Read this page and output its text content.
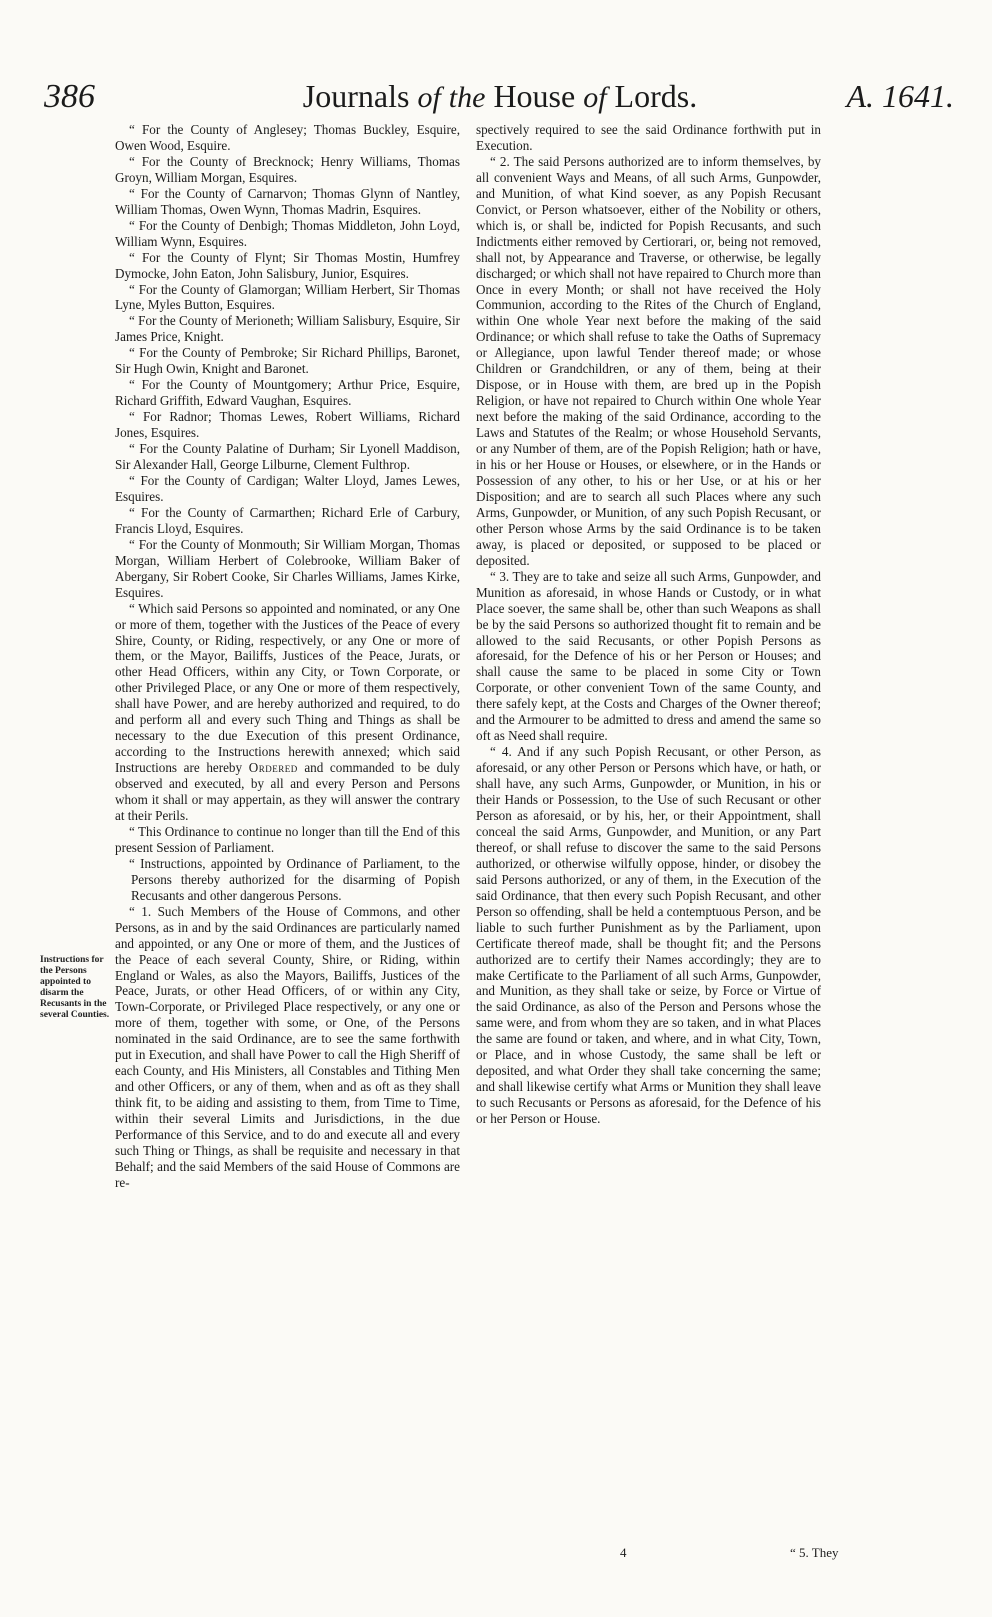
386	Journals of the House of Lords.	A. 1641.
Instructions for the Persons appointed to disarm the Recusants in the several Counties.

“ For the County of Anglesey; Thomas Buckley, Esquire, Owen Wood, Esquire.

“ For the County of Brecknock; Henry Williams, Thomas Groyn, William Morgan, Esquires.

“ For the County of Carnarvon; Thomas Glynn of Nantley, William Thomas, Owen Wynn, Thomas Madrin, Esquires.

“ For the County of Denbigh; Thomas Middleton, John Loyd, William Wynn, Esquires.

“ For the County of Flynt; Sir Thomas Mostin, Humfrey Dymocke, John Eaton, John Salisbury, Junior, Esquires.

“ For the County of Glamorgan; William Herbert, Sir Thomas Lyne, Myles Button, Esquires.

“ For the County of Merioneth; William Salisbury, Esquire, Sir James Price, Knight.

“ For the County of Pembroke; Sir Richard Phillips, Baronet, Sir Hugh Owin, Knight and Baronet.

“ For the County of Mountgomery; Arthur Price, Esquire, Richard Griffith, Edward Vaughan, Esquires.

“ For Radnor; Thomas Lewes, Robert Williams, Richard Jones, Esquires.

“ For the County Palatine of Durham; Sir Lyonell Maddison, Sir Alexander Hall, George Lilburne, Clement Fulthrop.

“ For the County of Cardigan; Walter Lloyd, James Lewes, Esquires.

“ For the County of Carmarthen; Richard Erle of Carbury, Francis Lloyd, Esquires.

“ For the County of Monmouth; Sir William Morgan, Thomas Morgan, William Herbert of Colebrooke, William Baker of Abergany, Sir Robert Cooke, Sir Charles Williams, James Kirke, Esquires.

“ Which said Persons so appointed and nominated, or any One or more of them, together with the Justices of the Peace of every Shire, County, or Riding, respectively, or any One or more of them, or the Mayor, Bailiffs, Justices of the Peace, Jurats, or other Head Officers, within any City, or Town Corporate, or other Privileged Place, or any One or more of them respectively, shall have Power, and are hereby authorized and required, to do and perform all and every such Thing and Things as shall be necessary to the due Execution of this present Ordinance, according to the Instructions herewith annexed; which said Instructions are hereby Ordered and commanded to be duly observed and executed, by all and every Person and Persons whom it shall or may appertain, as they will answer the contrary at their Perils.

“ This Ordinance to continue no longer than till the End of this present Session of Parliament.

“ Instructions, appointed by Ordinance of Parliament, to the Persons thereby authorized for the disarming of Popish Recusants and other dangerous Persons.

“ 1. Such Members of the House of Commons, and other Persons, as in and by the said Ordinances are particularly named and appointed, or any One or more of them, and the Justices of the Peace of each several County, Shire, or Riding, within England or Wales, as also the Mayors, Bailiffs, Justices of the Peace, Jurats, or other Head Officers, of or within any City, Town-Corporate, or Privileged Place respectively, or any one or more of them, together with some, or One, of the Persons nominated in the said Ordinance, are to see the same forthwith put in Execution, and shall have Power to call the High Sheriff of each County, and His Ministers, all Constables and Tithing Men and other Officers, or any of them, when and as oft as they shall think fit, to be aiding and assisting to them, from Time to Time, within their several Limits and Jurisdictions, in the due Performance of this Service, and to do and execute all and every such Thing or Things, as shall be requisite and necessary in that Behalf; and the said Members of the said House of Commons are re-

spectively required to see the said Ordinance forthwith put in Execution.

“ 2. The said Persons authorized are to inform themselves, by all convenient Ways and Means, of all such Arms, Gunpowder, and Munition, of what Kind soever, as any Popish Recusant Convict, or Person whatsoever, either of the Nobility or others, which is, or shall be, indicted for Popish Recusants, and such Indictments either removed by Certiorari, or, being not removed, shall not, by Appearance and Traverse, or otherwise, be legally discharged; or which shall not have repaired to Church more than Once in every Month; or shall not have received the Holy Communion, according to the Rites of the Church of England, within One whole Year next before the making of the said Ordinance; or which shall refuse to take the Oaths of Supremacy or Allegiance, upon lawful Tender thereof made; or whose Children or Grandchildren, or any of them, being at their Dispose, or in House with them, are bred up in the Popish Religion, or have not repaired to Church within One whole Year next before the making of the said Ordinance, according to the Laws and Statutes of the Realm; or whose Household Servants, or any Number of them, are of the Popish Religion; hath or have, in his or her House or Houses, or elsewhere, or in the Hands or Possession of any other, to his or her Use, or at his or her Disposition; and are to search all such Places where any such Arms, Gunpowder, or Munition, of any such Popish Recusant, or other Person whose Arms by the said Ordinance is to be taken away, is placed or deposited, or supposed to be placed or deposited.

“ 3. They are to take and seize all such Arms, Gunpowder, and Munition as aforesaid, in whose Hands or Custody, or in what Place soever, the same shall be, other than such Weapons as shall be by the said Persons so authorized thought fit to remain and be allowed to the said Recusants, or other Popish Persons as aforesaid, for the Defence of his or her Person or Houses; and shall cause the same to be placed in some City or Town Corporate, or other convenient Town of the same County, and there safely kept, at the Costs and Charges of the Owner thereof; and the Armourer to be admitted to dress and amend the same so oft as Need shall require.

“ 4. And if any such Popish Recusant, or other Person, as aforesaid, or any other Person or Persons which have, or hath, or shall have, any such Arms, Gunpowder, or Munition, in his or their Hands or Possession, to the Use of such Recusant or other Person as aforesaid, or by his, her, or their Appointment, shall conceal the said Arms, Gunpowder, and Munition, or any Part thereof, or shall refuse to discover the same to the said Persons authorized, or otherwise wilfully oppose, hinder, or disobey the said Persons authorized, or any of them, in the Execution of the said Ordinance, that then every such Popish Recusant, and other Person so offending, shall be held a contemptuous Person, and be liable to such further Punishment as by the Parliament, upon Certificate thereof made, shall be thought fit; and the Persons authorized are to certify their Names accordingly; they are to make Certificate to the Parliament of all such Arms, Gunpowder, and Munition, as they shall take or seize, by Force or Virtue of the said Ordinance, as also of the Person and Persons whose the same were, and from whom they are so taken, and in what Places the same are found or taken, and where, and in what City, Town, or Place, and in whose Custody, the same shall be left or deposited, and what Order they shall take concerning the same; and shall likewise certify what Arms or Munition they shall leave to such Recusants or Persons as aforesaid, for the Defence of his or her Person or House.

4	“ 5. They
